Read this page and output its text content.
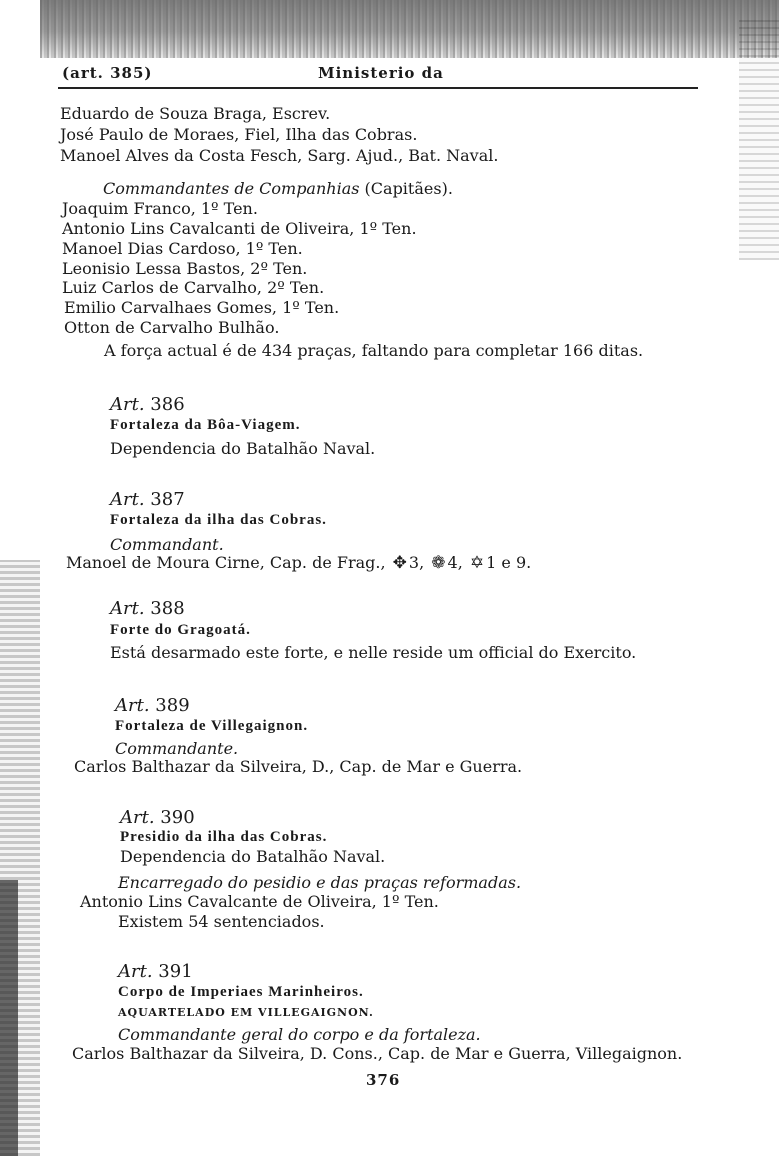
(art. 385)	Ministerio da
Eduardo de Souza Braga, Escrev.
José Paulo de Moraes, Fiel, Ilha das Cobras.
Manoel Alves da Costa Fesch, Sarg. Ajud., Bat. Naval.
Commandantes de Companhias (Capitães).
Joaquim Franco, 1º Ten.
Antonio Lins Cavalcanti de Oliveira, 1º Ten.
Manoel Dias Cardoso, 1º Ten.
Leonisio Lessa Bastos, 2º Ten.
Luiz Carlos de Carvalho, 2º Ten.
Emilio Carvalhaes Gomes, 1º Ten.
Otton de Carvalho Bulhão.
A força actual é de 434 praças, faltando para completar 166 ditas.
Art. 386
Fortaleza da Bôa-Viagem.
Dependencia do Batalhão Naval.
Art. 387
Fortaleza da ilha das Cobras.
Commandant.
Manoel de Moura Cirne, Cap. de Frag., ✥ 3, ❁ 4, ✡ 1 e 9.
Art. 388
Forte do Gragoatá.
Está desarmado este forte, e nelle reside um official do Exercito.
Art. 389
Fortaleza de Villegaignon.
Commandante.
Carlos Balthazar da Silveira, D., Cap. de Mar e Guerra.
Art. 390
Presidio da ilha das Cobras.
Dependencia do Batalhão Naval.
Encarregado do pesidio e das praças reformadas.
Antonio Lins Cavalcante de Oliveira, 1º Ten.
Existem 54 sentenciados.
Art. 391
Corpo de Imperiaes Marinheiros.
AQUARTELADO EM VILLEGAIGNON.
Commandante geral do corpo e da fortaleza.
Carlos Balthazar da Silveira, D. Cons., Cap. de Mar e Guerra, Villegaignon.
376
